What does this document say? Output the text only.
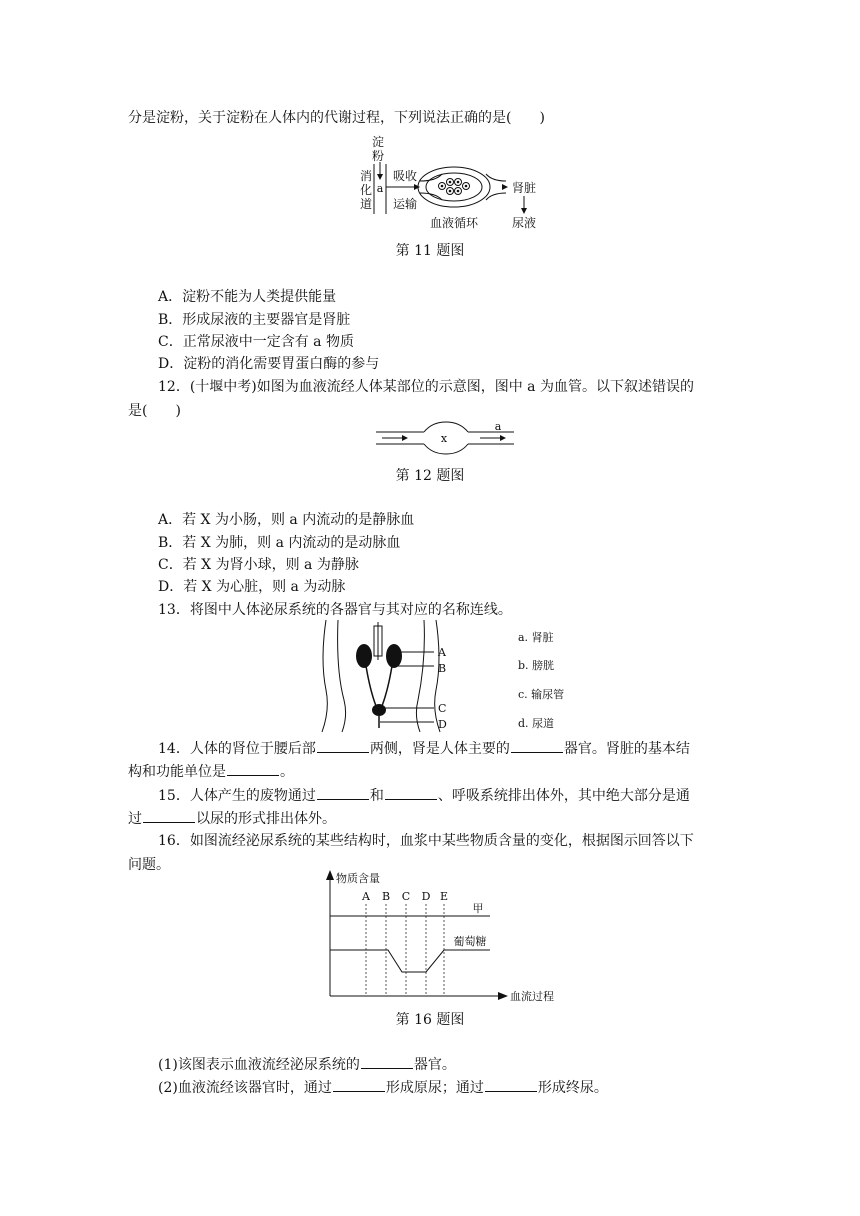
分是淀粉，关于淀粉在人体内的代谢过程，下列说法正确的是(　　)
淀
粉
消
化
道
a
吸收
运输
肾脏
血液循环	尿液
第 11 题图
A．淀粉不能为人类提供能量
B．形成尿液的主要器官是肾脏
C．正常尿液中一定含有 a 物质
D．淀粉的消化需要胃蛋白酶的参与
12．(十堰中考)如图为血液流经人体某部位的示意图，图中 a 为血管。以下叙述错误的
是(　　)
x
a
第 12 题图
A．若 X 为小肠，则 a 内流动的是静脉血
B．若 X 为肺，则 a 内流动的是动脉血
C．若 X 为肾小球，则 a 为静脉
D．若 X 为心脏，则 a 为动脉
13．将图中人体泌尿系统的各器官与其对应的名称连线。
A
B
C
D
a. 肾脏
b. 膀胱
c. 输尿管
d. 尿道
14．人体的肾位于腰后部	两侧，肾是人体主要的	器官。肾脏的基本结
构和功能单位是	。
15．人体产生的废物通过	和	、呼吸系统排出体外，其中绝大部分是通
过	以尿的形式排出体外。
16．如图流经泌尿系统的某些结构时，血浆中某些物质含量的变化，根据图示回答以下
问题。
物质含量
血流过程
A B C D E
甲
葡萄糖
第 16 题图
(1)该图表示血液流经泌尿系统的	器官。
(2)血液流经该器官时，通过	形成原尿；通过	形成终尿。
